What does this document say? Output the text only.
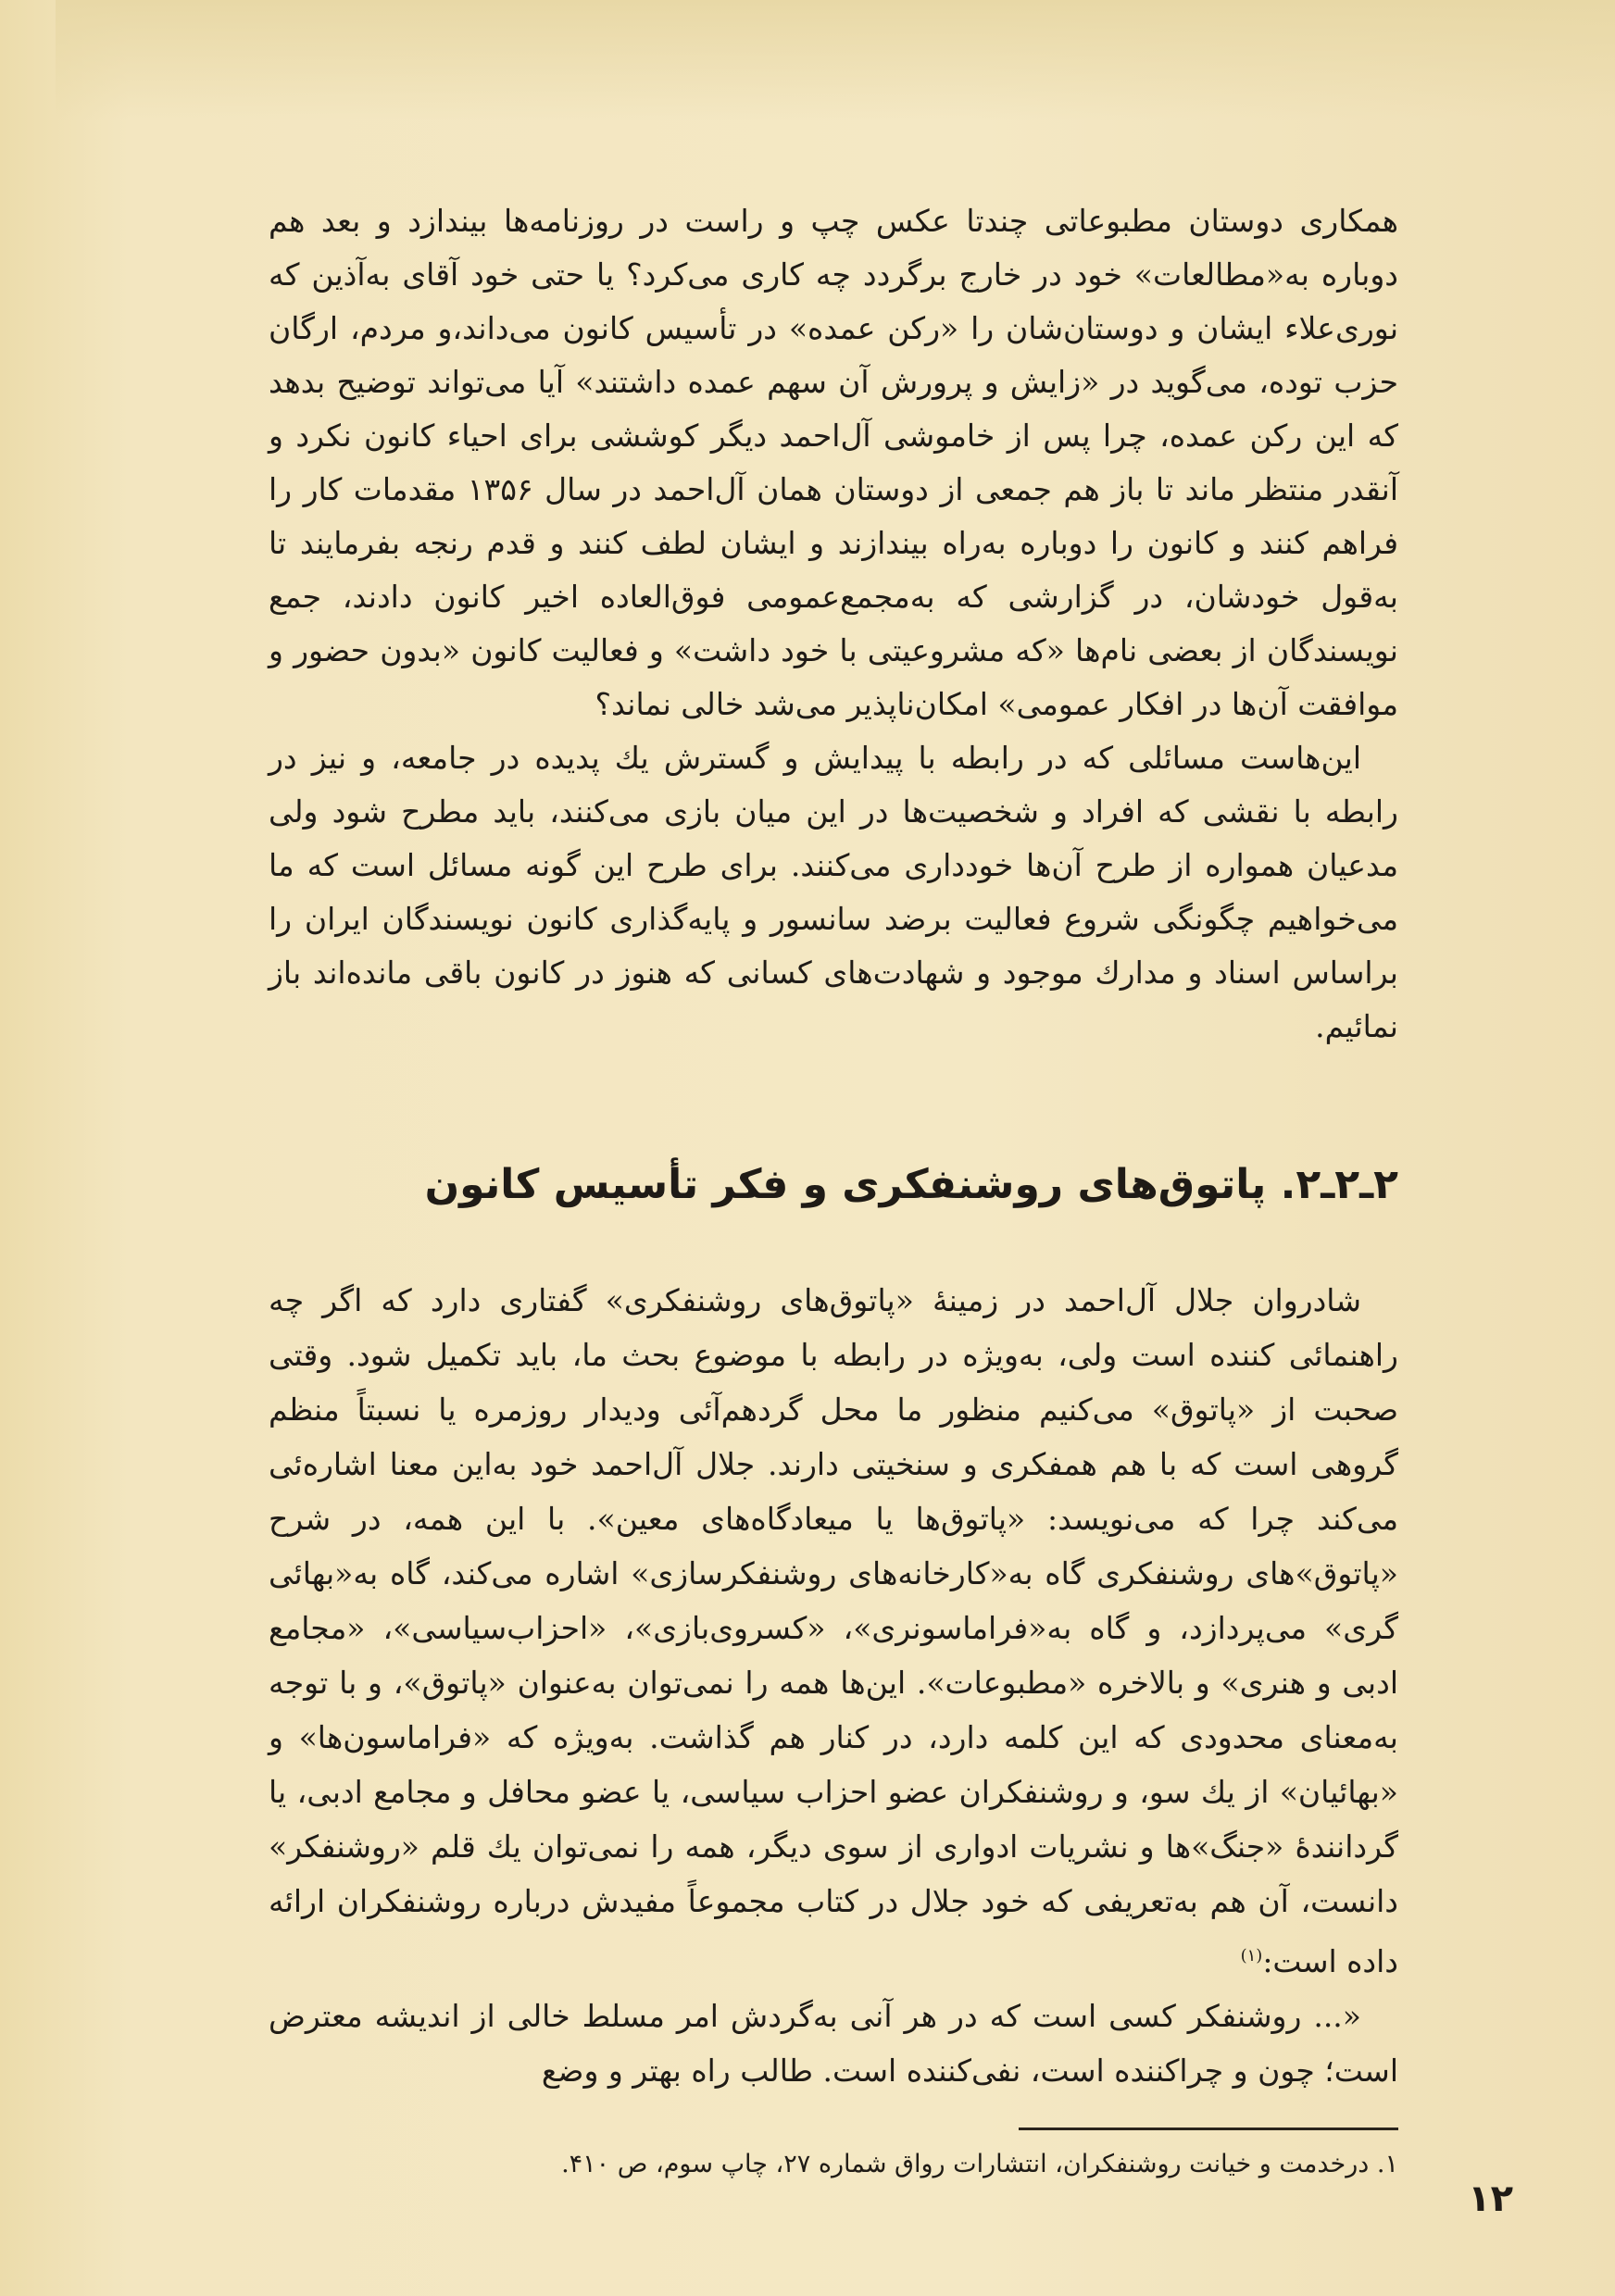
همکاری دوستان مطبوعاتی چندتا عکس چپ و راست در روزنامه‌ها بیندازد و بعد هم دوباره به«مطالعات» خود در خارج برگردد چه کاری می‌کرد؟ یا حتی خود آقای به‌آذین که نوری‌علاء ایشان و دوستان‌شان را «رکن عمده» در تأسیس کانون می‌داند،و مردم، ارگان حزب توده، می‌گوید در «زایش و پرورش آن سهم عمده داشتند» آیا می‌تواند توضیح بدهد که این رکن عمده، چرا پس از خاموشی آل‌احمد دیگر کوششی برای احیاء کانون نکرد و آنقدر منتظر ماند تا باز هم جمعی از دوستان همان آل‌احمد در سال ۱۳۵۶ مقدمات کار را فراهم کنند و کانون را دوباره به‌راه بیندازند و ایشان لطف کنند و قدم رنجه بفرمایند تا به‌قول خودشان، در گزارشی که به‌مجمع‌عمومی فوق‌العاده اخیر کانون دادند، جمع نویسندگان از بعضی نام‌ها «که مشروعیتی با خود داشت» و فعالیت کانون «بدون حضور و موافقت آن‌ها در افکار عمومی» امکان‌ناپذیر می‌شد خالی نماند؟

این‌هاست مسائلی که در رابطه با پیدایش و گسترش یك پدیده در جامعه، و نیز در رابطه با نقشی که افراد و شخصیت‌ها در این میان بازی می‌کنند، باید مطرح شود ولی مدعیان همواره از طرح آن‌ها خودداری می‌کنند. برای طرح این گونه مسائل است که ما می‌خواهیم چگونگی شروع فعالیت برضد سانسور و پایه‌گذاری کانون نویسندگان ایران را براساس اسناد و مدارك موجود و شهادت‌های کسانی که هنوز در کانون باقی مانده‌اند باز نمائیم.

۲ـ۲ـ۲. پاتوق‌های روشنفکری و فکر تأسیس کانون

شادروان جلال آل‌احمد در زمینهٔ «پاتوق‌های روشنفکری» گفتاری دارد که اگر چه راهنمائی کننده است ولی، به‌ویژه در رابطه با موضوع بحث ما، باید تکمیل شود. وقتی صحبت از «پاتوق» می‌کنیم منظور ما محل گردهم‌آئی ودیدار روزمره یا نسبتاً منظم گروهی است که با هم همفکری و سنخیتی دارند. جلال آل‌احمد خود به‌این معنا اشاره‌ئی می‌کند چرا که می‌نویسد: «پاتوق‌ها یا میعادگاه‌های معین». با این همه، در شرح «پاتوق»های روشنفکری گاه به«کارخانه‌های روشنفکرسازی» اشاره می‌کند، گاه به«بهائی گری» می‌پردازد، و گاه به«فراماسونری»، «کسروی‌بازی»، «احزاب‌سیاسی»، «مجامع ادبی و هنری» و بالاخره «مطبوعات». این‌ها همه را نمی‌توان به‌عنوان «پاتوق»، و با توجه به‌معنای محدودی که این کلمه دارد، در کنار هم گذاشت. به‌ویژه که «فراماسون‌ها» و «بهائیان» از یك سو، و روشنفکران عضو احزاب سیاسی، یا عضو محافل و مجامع ادبی، یا گردانندهٔ «جنگ»ها و نشریات ادواری از سوی دیگر، همه را نمی‌توان یك قلم «روشنفکر» دانست، آن هم به‌تعریفی که خود جلال در کتاب مجموعاً مفیدش درباره روشنفکران ارائه داده است:$^{(۱)}$

«... روشنفکر کسی است که در هر آنی به‌گردش امر مسلط خالی از اندیشه معترض است؛ چون و چراکننده است، نفی‌کننده است. طالب راه بهتر و وضع

۱. درخدمت و خیانت روشنفکران، انتشارات رواق شماره ۲۷، چاپ سوم، ص ۴۱۰.
۱۲
